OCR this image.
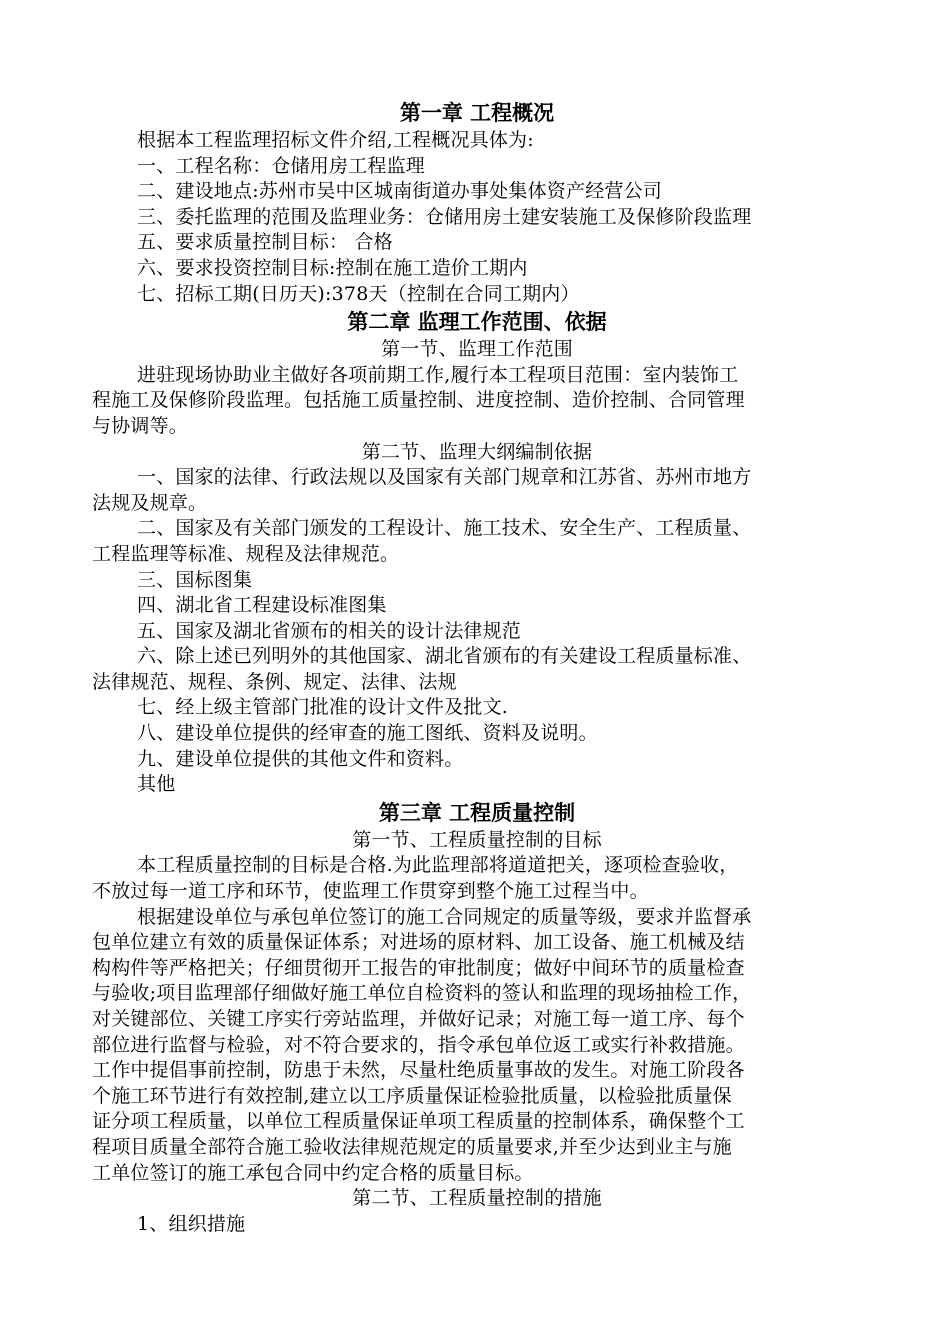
第一章 工程概况
根据本工程监理招标文件介绍,工程概况具体为:
一、工程名称：仓储用房工程监理
二、建设地点:苏州市吴中区城南街道办事处集体资产经营公司
三、委托监理的范围及监理业务：仓储用房土建安装施工及保修阶段监理
五、要求质量控制目标： 合格
六、要求投资控制目标:控制在施工造价工期内
七、招标工期(日历天):378天（控制在合同工期内）
第二章 监理工作范围、依据
第一节、监理工作范围
进驻现场协助业主做好各项前期工作,履行本工程项目范围：室内装饰工
程施工及保修阶段监理。包括施工质量控制、进度控制、造价控制、合同管理
与协调等。
第二节、监理大纲编制依据
一、国家的法律、行政法规以及国家有关部门规章和江苏省、苏州市地方
法规及规章。
二、国家及有关部门颁发的工程设计、施工技术、安全生产、工程质量、
工程监理等标准、规程及法律规范。
三、国标图集
四、湖北省工程建设标准图集
五、国家及湖北省颁布的相关的设计法律规范
六、除上述已列明外的其他国家、湖北省颁布的有关建设工程质量标准、
法律规范、规程、条例、规定、法律、法规
七、经上级主管部门批准的设计文件及批文.
八、建设单位提供的经审查的施工图纸、资料及说明。
九、建设单位提供的其他文件和资料。
其他
第三章 工程质量控制
第一节、工程质量控制的目标
本工程质量控制的目标是合格.为此监理部将道道把关，逐项检查验收，
不放过每一道工序和环节，使监理工作贯穿到整个施工过程当中。
根据建设单位与承包单位签订的施工合同规定的质量等级，要求并监督承
包单位建立有效的质量保证体系；对进场的原材料、加工设备、施工机械及结
构构件等严格把关；仔细贯彻开工报告的审批制度；做好中间环节的质量检查
与验收;项目监理部仔细做好施工单位自检资料的签认和监理的现场抽检工作，
对关键部位、关键工序实行旁站监理，并做好记录；对施工每一道工序、每个
部位进行监督与检验，对不符合要求的，指令承包单位返工或实行补救措施。
工作中提倡事前控制，防患于未然，尽量杜绝质量事故的发生。对施工阶段各
个施工环节进行有效控制,建立以工序质量保证检验批质量，以检验批质量保
证分项工程质量，以单位工程质量保证单项工程质量的控制体系，确保整个工
程项目质量全部符合施工验收法律规范规定的质量要求,并至少达到业主与施
工单位签订的施工承包合同中约定合格的质量目标。
第二节、工程质量控制的措施
1、组织措施
